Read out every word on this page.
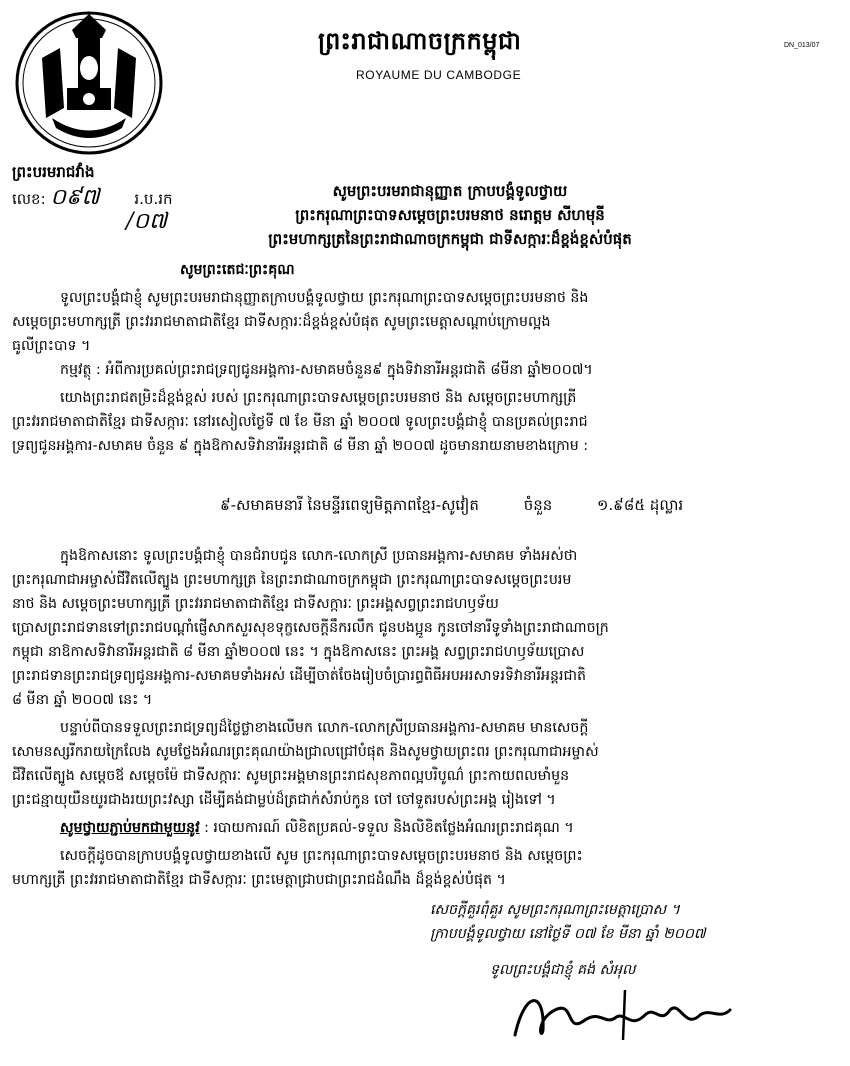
ព្រះរាជាណាចក្រកម្ពុជា
ROYAUME DU CAMBODGE
DN_013/07
ព្រះបរមរាជវាំង
លេខ: ០៩៧ រ.ប.រក
/០៧
សូមព្រះបរមរាជានុញ្ញាត ក្រាបបង្គំទូលថ្វាយ
ព្រះករុណាព្រះបាទសម្តេចព្រះបរមនាថ នរោត្តម សីហមុនី
ព្រះមហាក្សត្រនៃព្រះរាជាណាចក្រកម្ពុជា ជាទីសក្ការៈដ៏ខ្ពង់ខ្ពស់បំផុត
សូមព្រះតេជៈព្រះគុណ
ទូលព្រះបង្គំជាខ្ញុំ សូមព្រះបរមរាជានុញ្ញាតក្រាបបង្គំទូលថ្វាយ ព្រះករុណាព្រះបាទសម្តេចព្រះបរមនាថ និង
សម្តេចព្រះមហាក្សត្រី ព្រះវររាជមាតាជាតិខ្មែរ ជាទីសក្ការៈដ៏ខ្ពង់ខ្ពស់បំផុត សូមព្រះមេត្តាសណ្តាប់ក្រោមល្អង
ធូលីព្រះបាទ ។
កម្មវត្ថុ : អំពីការប្រគល់ព្រះរាជទ្រព្យជូនអង្គការ-សមាគមចំនួន៩ ក្នុងទិវានារីអន្តរជាតិ ៨មីនា ឆ្នាំ២០០៧។
យោងព្រះរាជតម្រិះដ៏ខ្ពង់ខ្ពស់ របស់ ព្រះករុណាព្រះបាទសម្តេចព្រះបរមនាថ និង សម្តេចព្រះមហាក្សត្រី
ព្រះវររាជមាតាជាតិខ្មែរ ជាទីសក្ការៈ នៅរសៀលថ្ងៃទី ៧ ខែ មីនា ឆ្នាំ ២០០៧ ទូលព្រះបង្គំជាខ្ញុំ បានប្រគល់ព្រះរាជ
ទ្រព្យជូនអង្គការ-សមាគម ចំនួន ៩ ក្នុងឱកាសទិវានារីអន្តរជាតិ ៨ មីនា ឆ្នាំ ២០០៧ ដូចមានរាយនាមខាងក្រោម :
៩-សមាគមនារី នៃមន្ទីរពេទ្យមិត្តភាពខ្មែរ-សូវៀត	ចំនួន	១.៩៨៥ ដុល្លារ
ក្នុងឱកាសនោះ ទូលព្រះបង្គំជាខ្ញុំ បានជំរាបជូន លោក-លោកស្រី ប្រធានអង្គការ-សមាគម ទាំងអស់ថា
ព្រះករុណាជាអម្ចាស់ជីវិតលើត្បូង ព្រះមហាក្សត្រ នៃព្រះរាជាណាចក្រកម្ពុជា ព្រះករុណាព្រះបាទសម្តេចព្រះបរម
នាថ និង សម្តេចព្រះមហាក្សត្រី ព្រះវររាជមាតាជាតិខ្មែរ ជាទីសក្ការៈ ព្រះអង្គសព្វព្រះរាជហឫទ័យ
ប្រោសព្រះរាជទានទៅព្រះរាជបណ្តាំផ្ញើសាកសួរសុខទុក្ខសេចក្តីនឹករលឹក ជូនបងប្អូន កូនចៅនារីទូទាំងព្រះរាជាណាចក្រ
កម្ពុជា នាឱកាសទិវានារីអន្តរជាតិ ៨ មីនា ឆ្នាំ២០០៧ នេះ ។ ក្នុងឱកាសនេះ ព្រះអង្គ សព្វព្រះរាជហឫទ័យប្រោស
ព្រះរាជទានព្រះរាជទ្រព្យជូនអង្គការ-សមាគមទាំងអស់ ដើម្បីចាត់ចែងរៀបចំប្រារព្ធពិធីអបអរសាទរទិវានារីអន្តរជាតិ
៨ មីនា ឆ្នាំ ២០០៧ នេះ ។
បន្ទាប់ពីបានទទួលព្រះរាជទ្រព្យដ៏ថ្លៃថ្លាខាងលើមក លោក-លោកស្រីប្រធានអង្គការ-សមាគម មានសេចក្តី
សោមនស្សរីករាយក្រៃលែង សូមថ្លែងអំណរព្រះគុណយ៉ាងជ្រាលជ្រៅបំផុត និងសូមថ្វាយព្រះពរ ព្រះករុណាជាអម្ចាស់
ជីវិតលើត្បូង សម្តេចឪ សម្តេចម៉ែ ជាទីសក្ការៈ សូមព្រះអង្គមានព្រះរាជសុខភាពល្អបរិបូណ៌ ព្រះកាយពលមាំមួន
ព្រះជន្មាយុយឺនយូរជាងរយព្រះវស្សា ដើម្បីគង់ជាម្លប់ដ៏ត្រជាក់សំរាប់កូន ចៅ ចៅទួតរបស់ព្រះអង្គ រៀងទៅ ។
សូមថ្វាយភ្ជាប់មកជាមួយនូវ : របាយការណ៍ លិខិតប្រគល់-ទទួល និងលិខិតថ្លែងអំណរព្រះរាជគុណ ។
សេចក្តីដូចបានក្រាបបង្គំទូលថ្វាយខាងលើ សូម ព្រះករុណាព្រះបាទសម្តេចព្រះបរមនាថ និង សម្តេចព្រះ
មហាក្សត្រី ព្រះវររាជមាតាជាតិខ្មែរ ជាទីសក្ការៈ ព្រះមេត្តាជ្រាបជាព្រះរាជដំណឹង ដ៏ខ្ពង់ខ្ពស់បំផុត ។
សេចក្តីគួរពុំគួរ សូមព្រះករុណាព្រះមេត្តាប្រោស ។
ក្រាបបង្គំទូលថ្វាយ នៅថ្ងៃទី ០៧ ខែ មីនា ឆ្នាំ ២០០៧
ទូលព្រះបង្គំជាខ្ញុំ គង់ សំអុល
